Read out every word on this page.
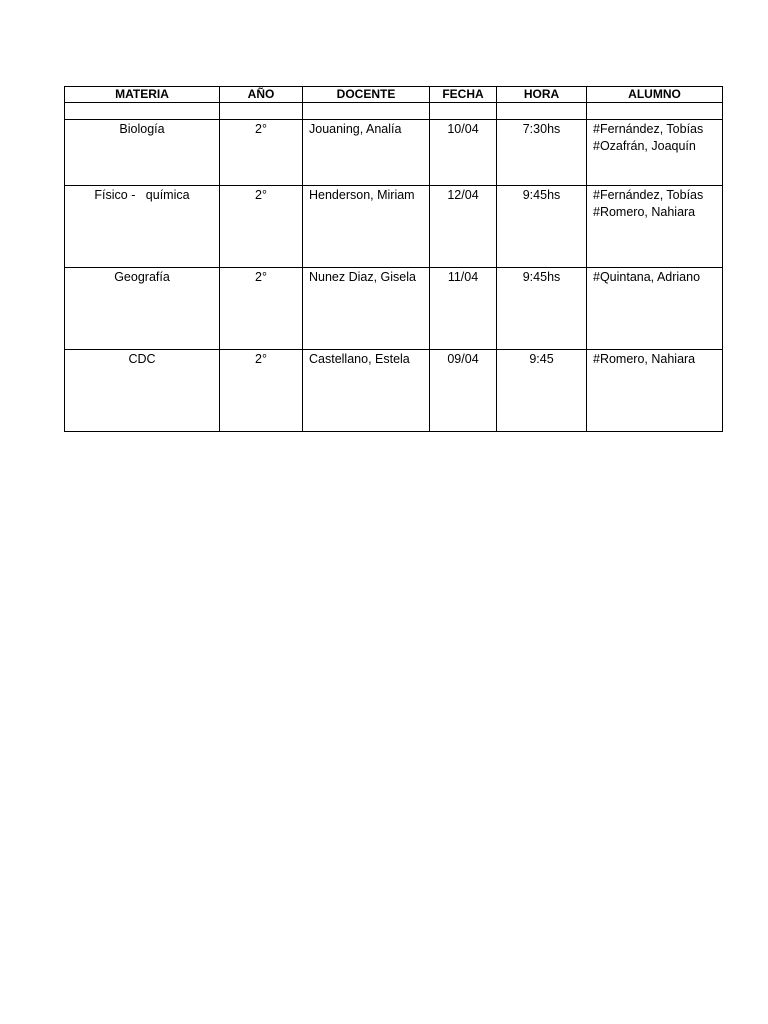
MATERIA	AÑO	DOCENTE	FECHA	HORA	ALUMNO

Biología	2°	Jouaning, Analía	10/04	7:30hs	#Fernández, Tobías
#Ozafrán, Joaquín

Físico -   química	2°	Henderson, Miriam	12/04	9:45hs	#Fernández, Tobías
#Romero, Nahiara

Geografía	2°	Nunez Diaz, Gisela	11/04	9:45hs	#Quintana, Adriano

CDC	2°	Castellano, Estela	09/04	9:45	#Romero, Nahiara
